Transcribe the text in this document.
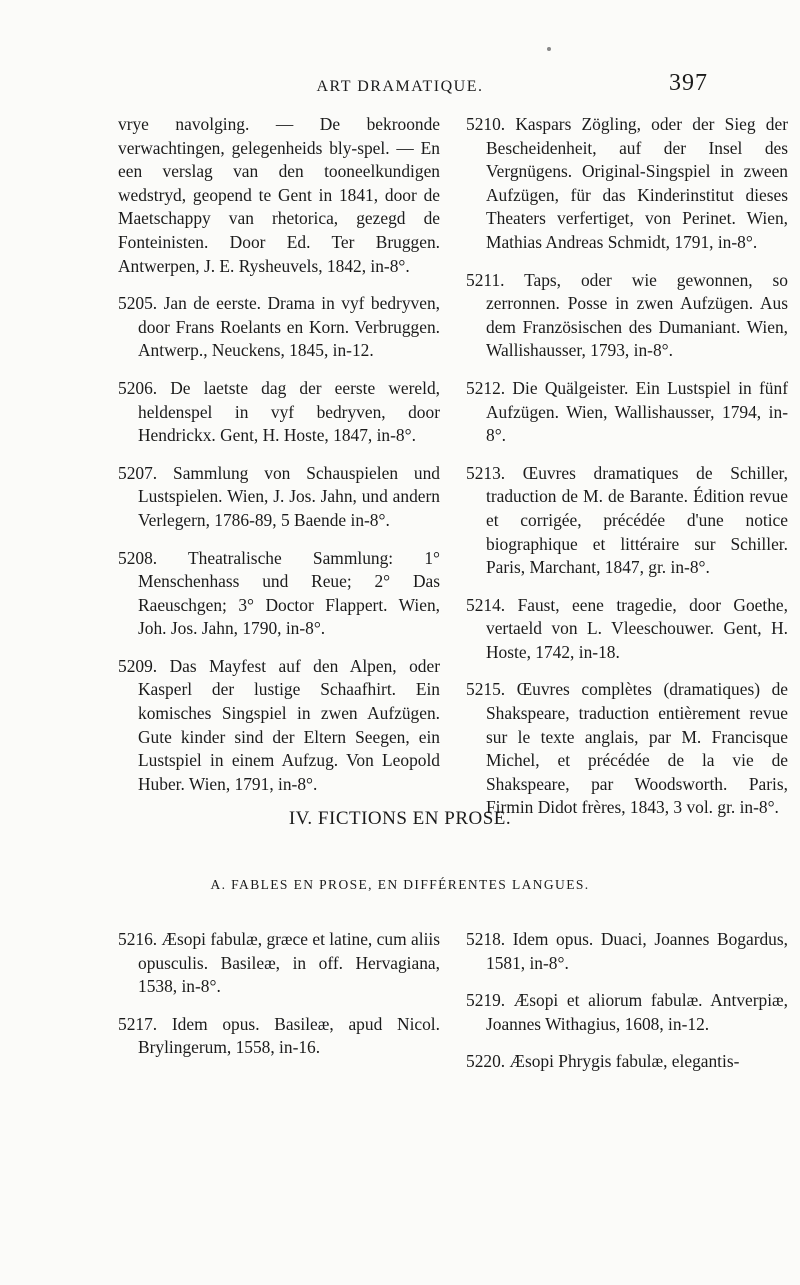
ART DRAMATIQUE.	397

vrye navolging. — De bekroonde verwachtingen, gelegenheids bly-spel. — En een verslag van den tooneelkundigen wedstryd, geopend te Gent in 1841, door de Maetschappy van rhetorica, gezegd de Fonteinisten. Door Ed. Ter Bruggen. Antwerpen, J. E. Rysheuvels, 1842, in-8°.

5205. Jan de eerste. Drama in vyf bedryven, door Frans Roelants en Korn. Verbruggen. Antwerp., Neuckens, 1845, in-12.

5206. De laetste dag der eerste wereld, heldenspel in vyf bedryven, door Hendrickx. Gent, H. Hoste, 1847, in-8°.

5207. Sammlung von Schauspielen und Lustspielen. Wien, J. Jos. Jahn, und andern Verlegern, 1786-89, 5 Baende in-8°.

5208. Theatralische Sammlung: 1° Menschenhass und Reue; 2° Das Raeuschgen; 3° Doctor Flappert. Wien, Joh. Jos. Jahn, 1790, in-8°.

5209. Das Mayfest auf den Alpen, oder Kasperl der lustige Schaafhirt. Ein komisches Singspiel in zwen Aufzügen. Gute kinder sind der Eltern Seegen, ein Lustspiel in einem Aufzug. Von Leopold Huber. Wien, 1791, in-8°.

5210. Kaspars Zögling, oder der Sieg der Bescheidenheit, auf der Insel des Vergnügens. Original-Singspiel in zween Aufzügen, für das Kinderinstitut dieses Theaters verfertiget, von Perinet. Wien, Mathias Andreas Schmidt, 1791, in-8°.

5211. Taps, oder wie gewonnen, so zerronnen. Posse in zwen Aufzügen. Aus dem Französischen des Dumaniant. Wien, Wallishausser, 1793, in-8°.

5212. Die Quälgeister. Ein Lustspiel in fünf Aufzügen. Wien, Wallishausser, 1794, in-8°.

5213. Œuvres dramatiques de Schiller, traduction de M. de Barante. Édition revue et corrigée, précédée d'une notice biographique et littéraire sur Schiller. Paris, Marchant, 1847, gr. in-8°.

5214. Faust, eene tragedie, door Goethe, vertaeld von L. Vleeschouwer. Gent, H. Hoste, 1742, in-18.

5215. Œuvres complètes (dramatiques) de Shakspeare, traduction entièrement revue sur le texte anglais, par M. Francisque Michel, et précédée de la vie de Shakspeare, par Woodsworth. Paris, Firmin Didot frères, 1843, 3 vol. gr. in-8°.

IV. FICTIONS EN PROSE.
A. FABLES EN PROSE, EN DIFFÉRENTES LANGUES.

5216. Æsopi fabulæ, græce et latine, cum aliis opusculis. Basileæ, in off. Hervagiana, 1538, in-8°.

5217. Idem opus. Basileæ, apud Nicol. Brylingerum, 1558, in-16.

5218. Idem opus. Duaci, Joannes Bogardus, 1581, in-8°.

5219. Æsopi et aliorum fabulæ. Antverpiæ, Joannes Withagius, 1608, in-12.

5220. Æsopi Phrygis fabulæ, elegantis-
